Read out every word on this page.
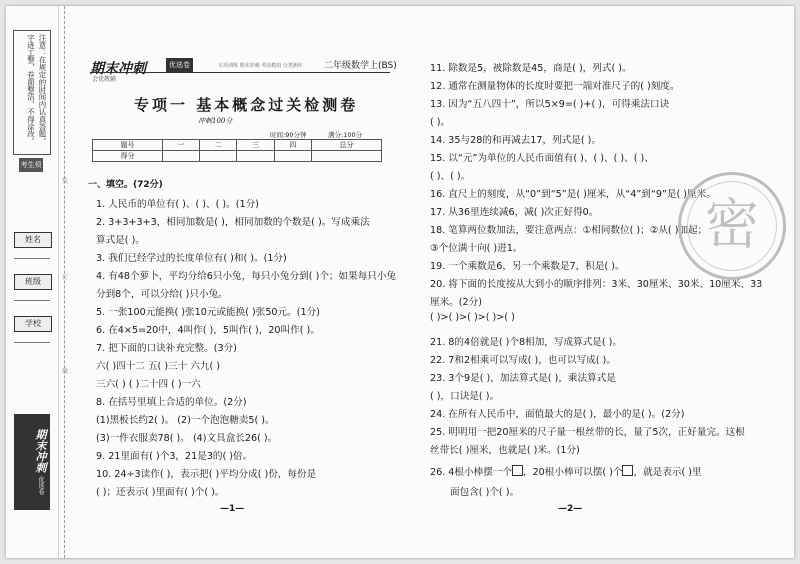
注意：在规定的时间内认真答题，字迹工整，卷面整洁，不得涂改。
考生须知
姓名
班级
学校
期末冲刺 优选卷
装
订
线
期末冲刺	优选卷
会优教辅
专项训练 期末冲刺 考前模拟 分类测评 二年级数学上(BS)
专项一 基本概念过关检测卷
冲刺100分
时间:90分钟	满分:100分
题号	一	二	三	四	总分
得分					
一、填空。(72分)
1. 人民币的单位有( )、( )、( )。(1分)
2. 3+3+3+3，相同加数是( )，相同加数的个数是( )。写成乘法
算式是( )。
3. 我们已经学过的长度单位有( )和( )。(1分)
4. 有48个萝卜，平均分给6只小兔，每只小兔分到( )个；如果每只小兔
分到8个，可以分给( )只小兔。
5. 一张100元能换( )张10元或能换( )张50元。(1分)
6. 在4×5=20中，4叫作( )，5叫作( )，20叫作( )。
7. 把下面的口诀补充完整。(3分)
六( )四十二 五( )三十 六九( )
三六( ) ( )二十四 ( )一六
8. 在括号里填上合适的单位。(2分)
(1)黑板长约2( )。 (2)一个泡泡糖卖5( )。
(3)一件衣服卖78( )。 (4)文具盒长26( )。
9. 21里面有( )个3，21是3的( )倍。
10. 24÷3读作( )，表示把( )平均分成( )份，每份是
( )；还表示( )里面有( )个( )。
—1—
11. 除数是5，被除数是45，商是( )，列式( )。
12. 通常在测量物体的长度时要把一端对准尺子的( )刻度。
13. 因为“五八四十”，所以5×9=( )+( )，可得乘法口诀
( )。
14. 35与28的和再减去17，列式是( )。
15. 以“元”为单位的人民币面值有( )、( )、( )、( )、
( )、( )。
16. 直尺上的刻度，从“0”到“5”是( )厘米，从“4”到“9”是( )厘米。
17. 从36里连续减6，减( )次正好得0。
18. 笔算两位数加法，要注意两点：①相同数位( )；②从( )加起；
③个位满十向( )进1。
19. 一个乘数是6，另一个乘数是7，积是( )。
20. 将下面的长度按从大到小的顺序排列：3米、30厘米、30米、10厘米、33
厘米。(2分)
( )>( )>( )>( )>( )
21. 8的4倍就是( )个8相加，写成算式是( )。
22. 7和2相乘可以写成( )，也可以写成( )。
23. 3个9是( )，加法算式是( )，乘法算式是
( )，口诀是( )。
24. 在所有人民币中，面值最大的是( )，最小的是( )。(2分)
25. 明明用一把20厘米的尺子量一根丝带的长，量了5次，正好量完。这根
丝带长( )厘米，也就是( )米。(1分)
26. 4根小棒摆一个 ，20根小棒可以摆( )个 ，就是表示( )里
面包含( )个( )。
—2—
密
